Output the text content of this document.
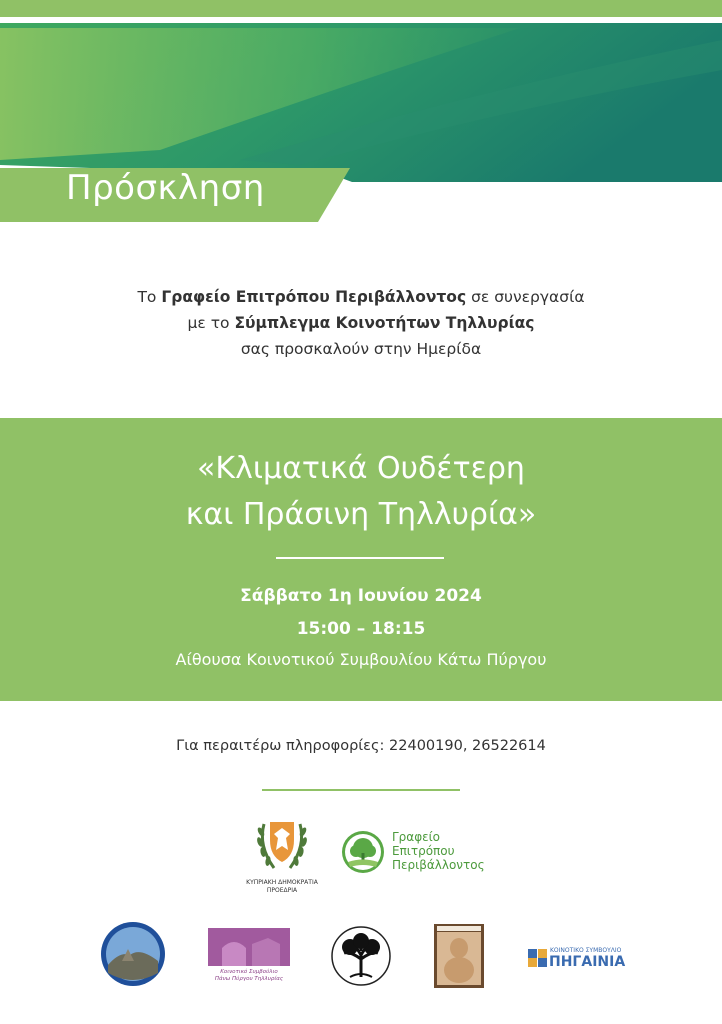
Πρόσκληση
Το Γραφείο Επιτρόπου Περιβάλλοντος σε συνεργασία
με το Σύμπλεγμα Κοινοτήτων Τηλλυρίας
σας προσκαλούν στην Ημερίδα
«Κλιματικά Ουδέτερη
και Πράσινη Τηλλυρία»
Σάββατο 1η Ιουνίου 2024
15:00 – 18:15
Αίθουσα Κοινοτικού Συμβουλίου Κάτω Πύργου
Για περαιτέρω πληροφορίες: 22400190, 26522614
ΚΥΠΡΙΑΚΗ ΔΗΜΟΚΡΑΤΙΑ
ΠΡΟΕΔΡΙΑ
Γραφείο
Επιτρόπου
Περιβάλλοντος
Κοινοτικό Συμβούλιο
Πάνω Πύργου Τηλλυρίας
ΚΟΙΝΟΤΙΚΟ ΣΥΜΒΟΥΛΙΟ
ΠΗΓΑΙΝΙΑ
